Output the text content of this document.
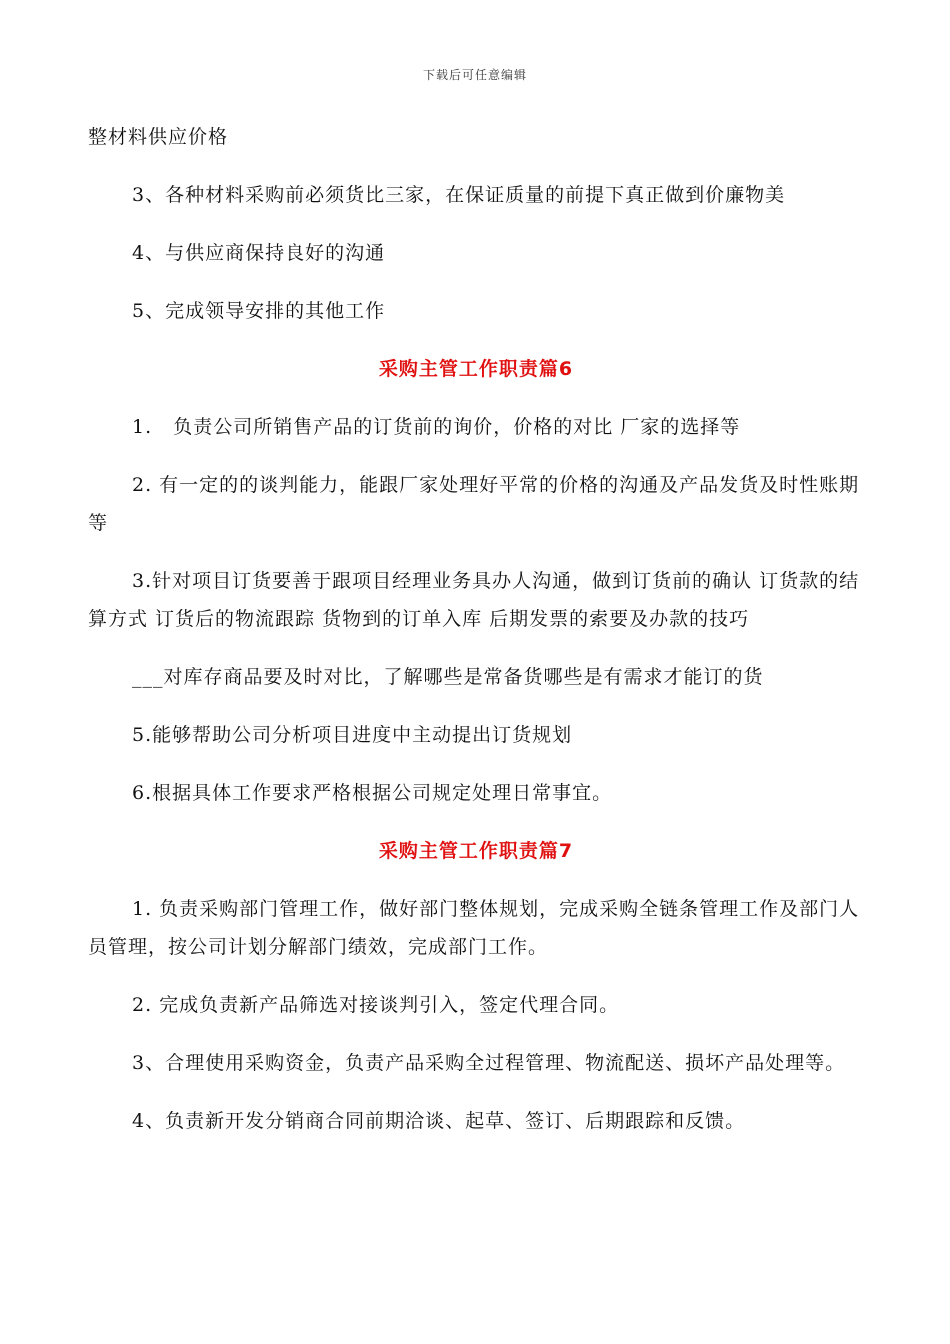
下载后可任意编辑

整材料供应价格

3、各种材料采购前必须货比三家，在保证质量的前提下真正做到价廉物美

4、与供应商保持良好的沟通

5、完成领导安排的其他工作

采购主管工作职责篇6

1.   负责公司所销售产品的订货前的询价，价格的对比 厂家的选择等

2. 有一定的的谈判能力，能跟厂家处理好平常的价格的沟通及产品发货及时性账期等

3.针对项目订货要善于跟项目经理业务具办人沟通，做到订货前的确认 订货款的结算方式 订货后的物流跟踪 货物到的订单入库 后期发票的索要及办款的技巧

___对库存商品要及时对比，了解哪些是常备货哪些是有需求才能订的货

5.能够帮助公司分析项目进度中主动提出订货规划

6.根据具体工作要求严格根据公司规定处理日常事宜。

采购主管工作职责篇7

1. 负责采购部门管理工作，做好部门整体规划，完成采购全链条管理工作及部门人员管理，按公司计划分解部门绩效，完成部门工作。

2. 完成负责新产品筛选对接谈判引入，签定代理合同。

3、合理使用采购资金，负责产品采购全过程管理、物流配送、损坏产品处理等。

4、负责新开发分销商合同前期洽谈、起草、签订、后期跟踪和反馈。
